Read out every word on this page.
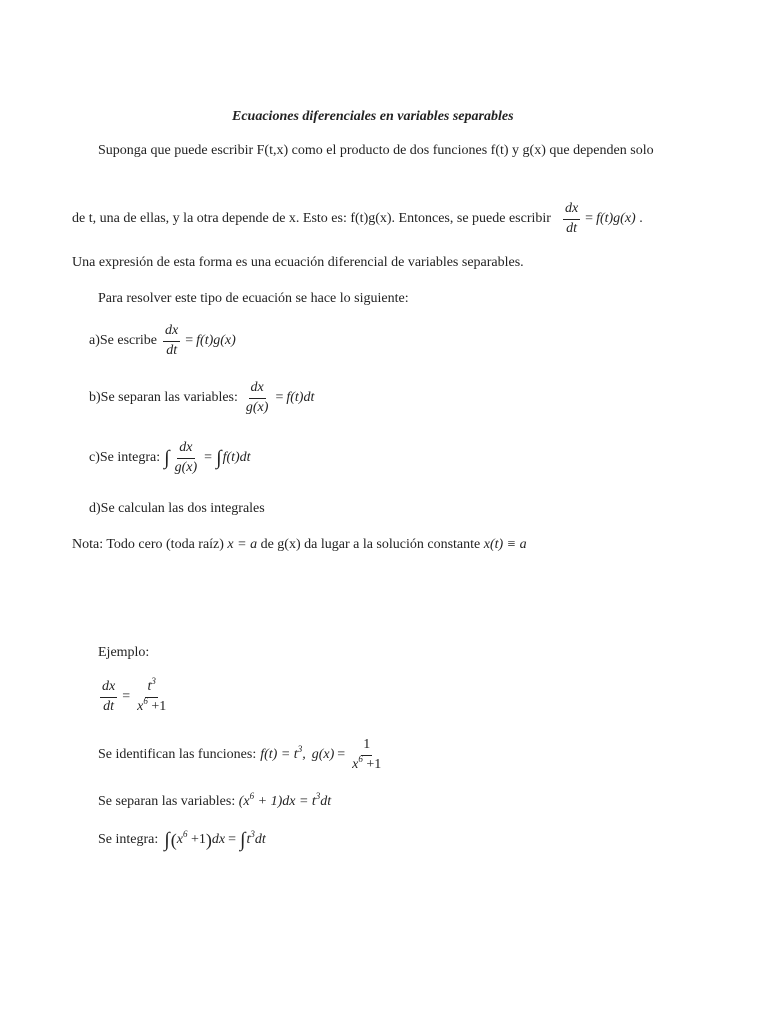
Ecuaciones diferenciales en variables separables
Suponga que puede escribir F(t,x) como el producto de dos funciones f(t) y g(x) que dependen solo
de t, una de ellas, y la otra depende de x. Esto es: f(t)g(x). Entonces, se puede escribir $\frac{dx}{dt} = f(t)g(x)$ .
Una expresión de esta forma es una ecuación diferencial de variables separables.
Para resolver este tipo de ecuación se hace lo siguiente:
a)Se escribe $\frac{dx}{dt} = f(t)g(x)$
b)Se separan las variables: $\frac{dx}{g(x)} = f(t)dt$
c)Se integra: ∫ $\frac{dx}{g(x)}$ = ∫ f(t)dt
d)Se calculan las dos integrales
Nota: Todo cero (toda raíz) x = a de g(x) da lugar a la solución constante x(t) ≡ a
Ejemplo:
$\frac{dx}{dt} = \frac{t^3}{x^6 +1}$
Se identifican las funciones: $f(t) = t^3$, $g(x) = \frac{1}{x^6 +1}$
Se separan las variables: $(x^6 + 1)dx = t^3dt$
Se integra: ∫ ( $x^6 +1$ ) dx = ∫ $t^3dt$
